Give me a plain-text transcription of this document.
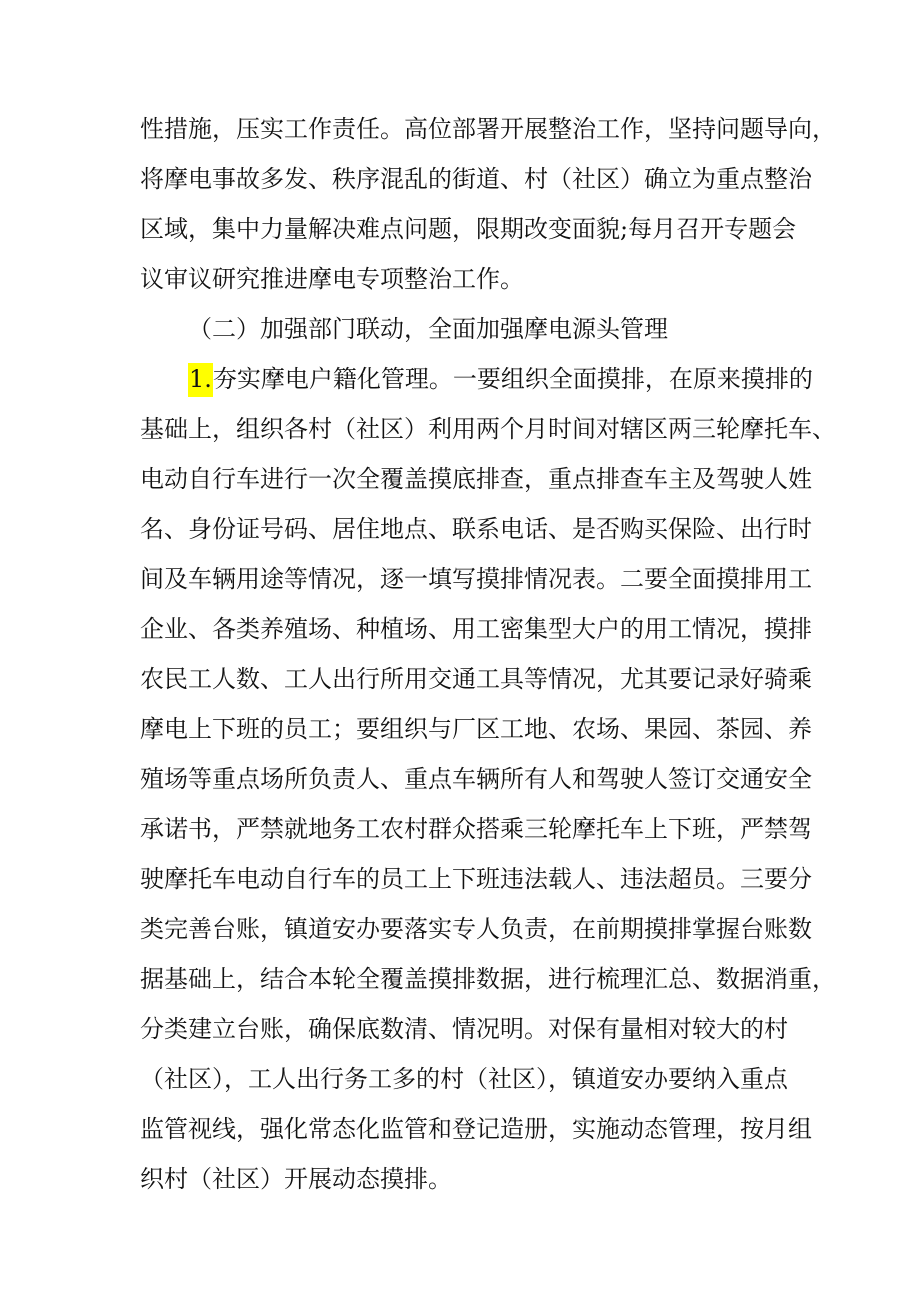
性措施，压实工作责任。高位部署开展整治工作，坚持问题导向，
将摩电事故多发、秩序混乱的街道、村（社区）确立为重点整治
区域，集中力量解决难点问题，限期改变面貌;每月召开专题会
议审议研究推进摩电专项整治工作。
（二）加强部门联动，全面加强摩电源头管理
1.夯实摩电户籍化管理。一要组织全面摸排，在原来摸排的
基础上，组织各村（社区）利用两个月时间对辖区两三轮摩托车、
电动自行车进行一次全覆盖摸底排查，重点排查车主及驾驶人姓
名、身份证号码、居住地点、联系电话、是否购买保险、出行时
间及车辆用途等情况，逐一填写摸排情况表。二要全面摸排用工
企业、各类养殖场、种植场、用工密集型大户的用工情况，摸排
农民工人数、工人出行所用交通工具等情况，尤其要记录好骑乘
摩电上下班的员工；要组织与厂区工地、农场、果园、茶园、养
殖场等重点场所负责人、重点车辆所有人和驾驶人签订交通安全
承诺书，严禁就地务工农村群众搭乘三轮摩托车上下班，严禁驾
驶摩托车电动自行车的员工上下班违法载人、违法超员。三要分
类完善台账，镇道安办要落实专人负责，在前期摸排掌握台账数
据基础上，结合本轮全覆盖摸排数据，进行梳理汇总、数据消重，
分类建立台账，确保底数清、情况明。对保有量相对较大的村
（社区），工人出行务工多的村（社区），镇道安办要纳入重点
监管视线，强化常态化监管和登记造册，实施动态管理，按月组
织村（社区）开展动态摸排。
